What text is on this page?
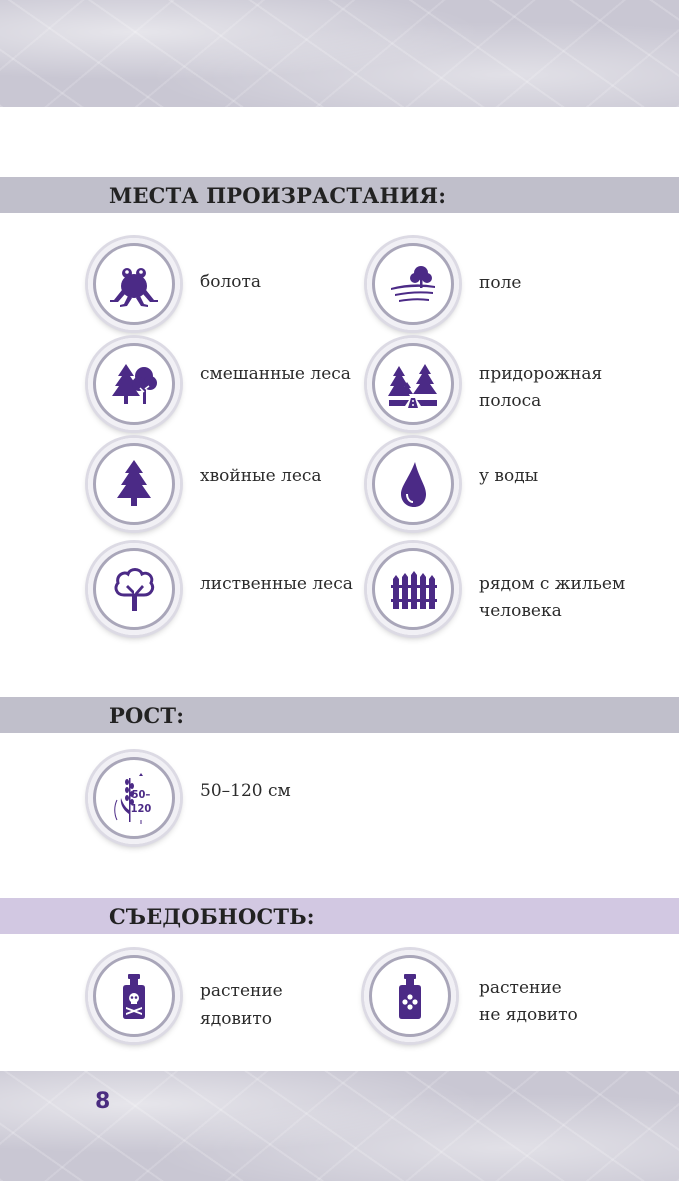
МЕСТА ПРОИЗРАСТАНИЯ:
болота	поле
смешанные леса	придорожная
полоса
хвойные леса	у воды
лиственные леса	рядом с жильем
человека
РОСТ:
50–
120
50–120 см
СЪЕДОБНОСТЬ:
растение
ядовито
растение
не ядовито
8
